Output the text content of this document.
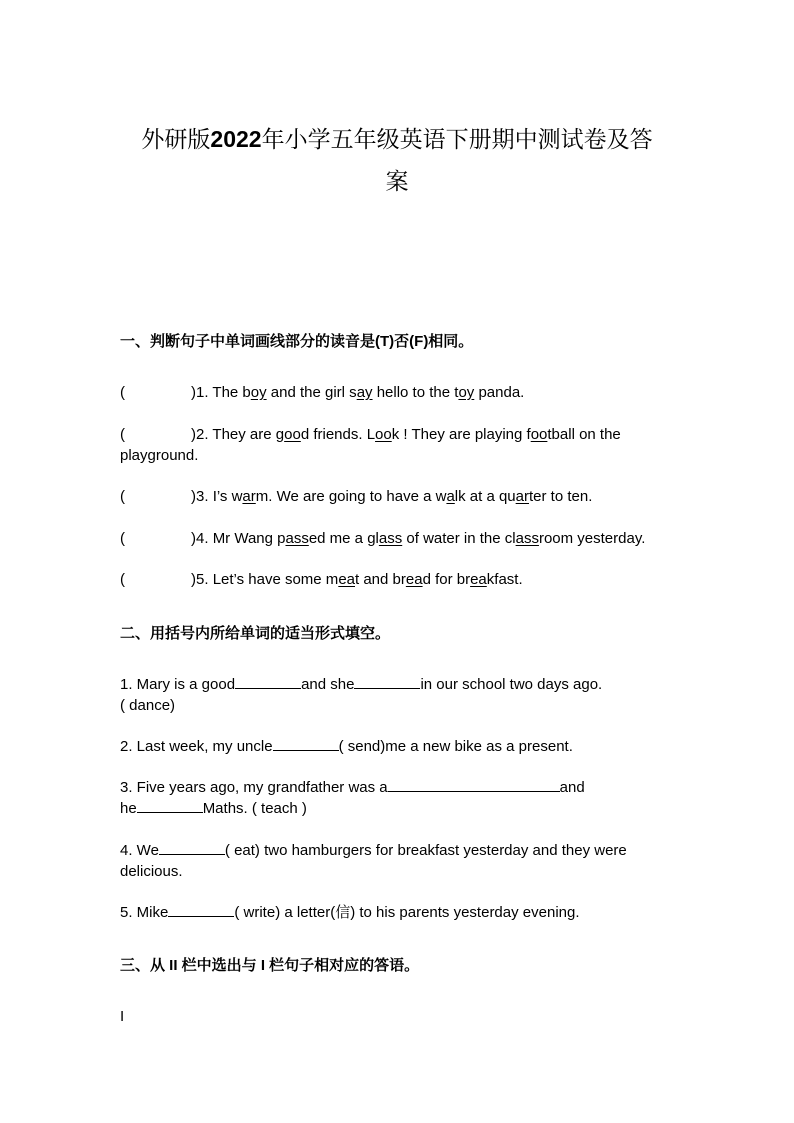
外研版2022年小学五年级英语下册期中测试卷及答
案
一、判断句子中单词画线部分的读音是(T)否(F)相同。
(	)1. The boy and the girl say hello to the toy panda.
(	)2. They are good friends. Look ! They are playing football on the playground.
(	)3. I’s warm. We are going to have a walk at a quarter to ten.
(	)4. Mr Wang passed me a glass of water in the classroom yesterday.
(	)5. Let’s have some meat and bread for breakfast.
二、用括号内所给单词的适当形式填空。
1. Mary is a good	and she	in our school two days ago.
( dance)
2. Last week, my uncle	( send)me a new bike as a present.
3. Five years ago, my grandfather was a	and
he	Maths. ( teach )
4. We	( eat) two hamburgers for breakfast yesterday and they were
delicious.
5. Mike	( write) a letter(信) to his parents yesterday evening.
三、从 II 栏中选出与 I 栏句子相对应的答语。
I
